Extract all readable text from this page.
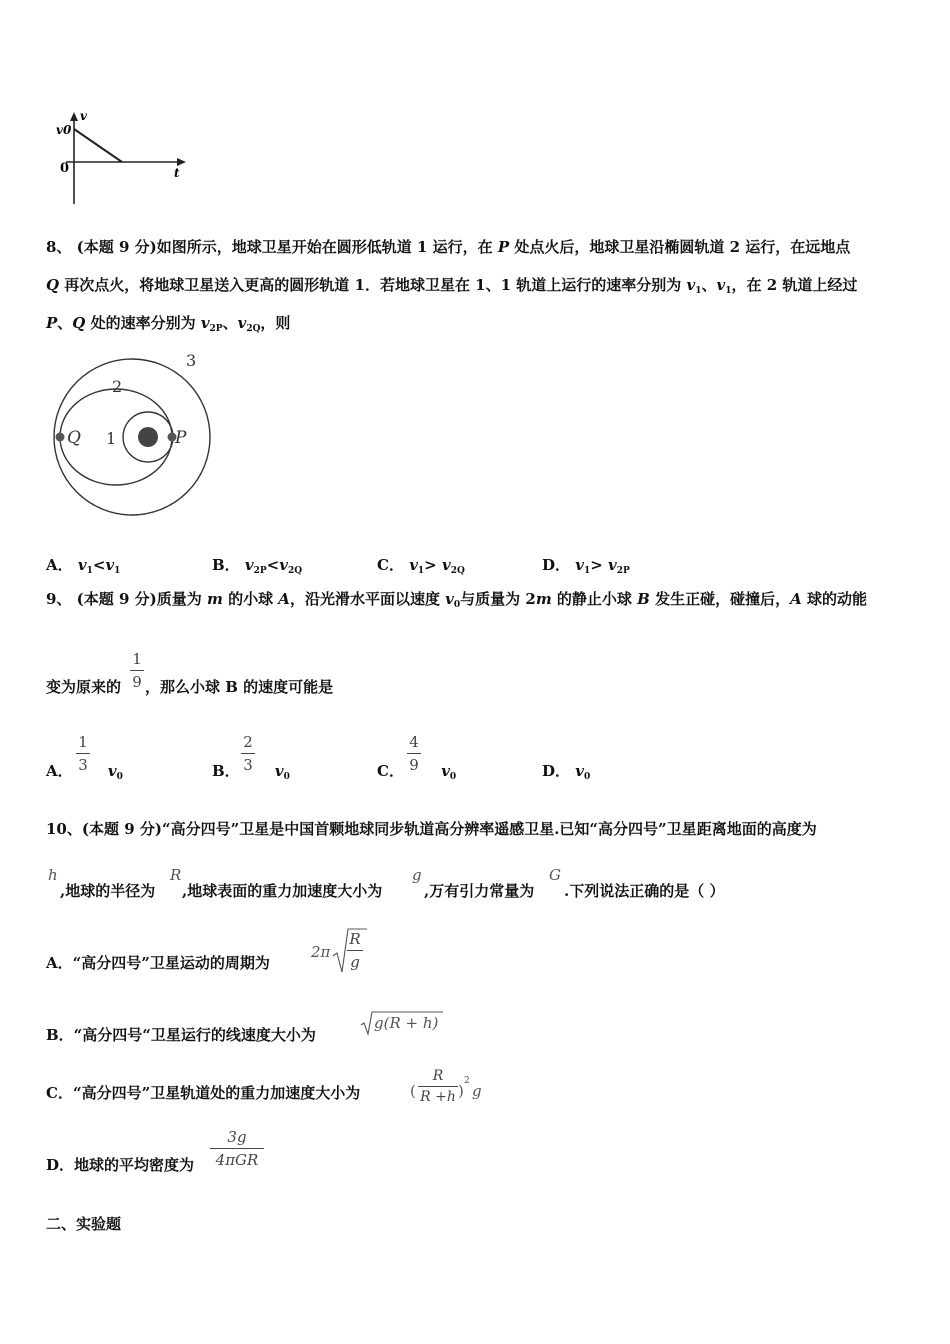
v
v0
0	t
8、 (本题 9 分)如图所示，地球卫星开始在圆形低轨道 1 运行，在 P 处点火后，地球卫星沿椭圆轨道 2 运行，在远地点
Q 再次点火，将地球卫星送入更高的圆形轨道 1．若地球卫星在 1、1 轨道上运行的速率分别为 $v_1$、$v_1$，在 2 轨道上经过
P、Q 处的速率分别为 $v_{2P}$、$v_{2Q}$，则
3
2
1
Q	P
A． $v_1<v_1$	B． $v_{2P}<v_{2Q}$	C． $v_1> v_{2Q}$	D． $v_1> v_{2P}$
9、 (本题 9 分)质量为 m 的小球 A，沿光滑水平面以速度 $v_0$与质量为 2m 的静止小球 B 发生正碰，碰撞后，A 球的动能
变为原来的
1
9 ，那么小球 B 的速度可能是
A． $v_0$
1
3	B． $v_0$
2
3	C． $v_0$
4
9	D． $v_0$
10、(本题 9 分)“高分四号”卫星是中国首颗地球同步轨道高分辨率遥感卫星.已知“高分四号”卫星距离地面的高度为
h
,地球的半径为
R
,地球表面的重力加速度大小为
g
,万有引力常量为
G
.下列说法正确的是（ ）
A．“高分四号”卫星运动的周期为
2π
R
g
B．“高分四号“卫星运行的线速度大小为
g(R + h)
C．“高分四号”卫星轨道处的重力加速度大小为	(
R
R +h )
2
g
D．地球的平均密度为
3g
4πGR
二、实验题
